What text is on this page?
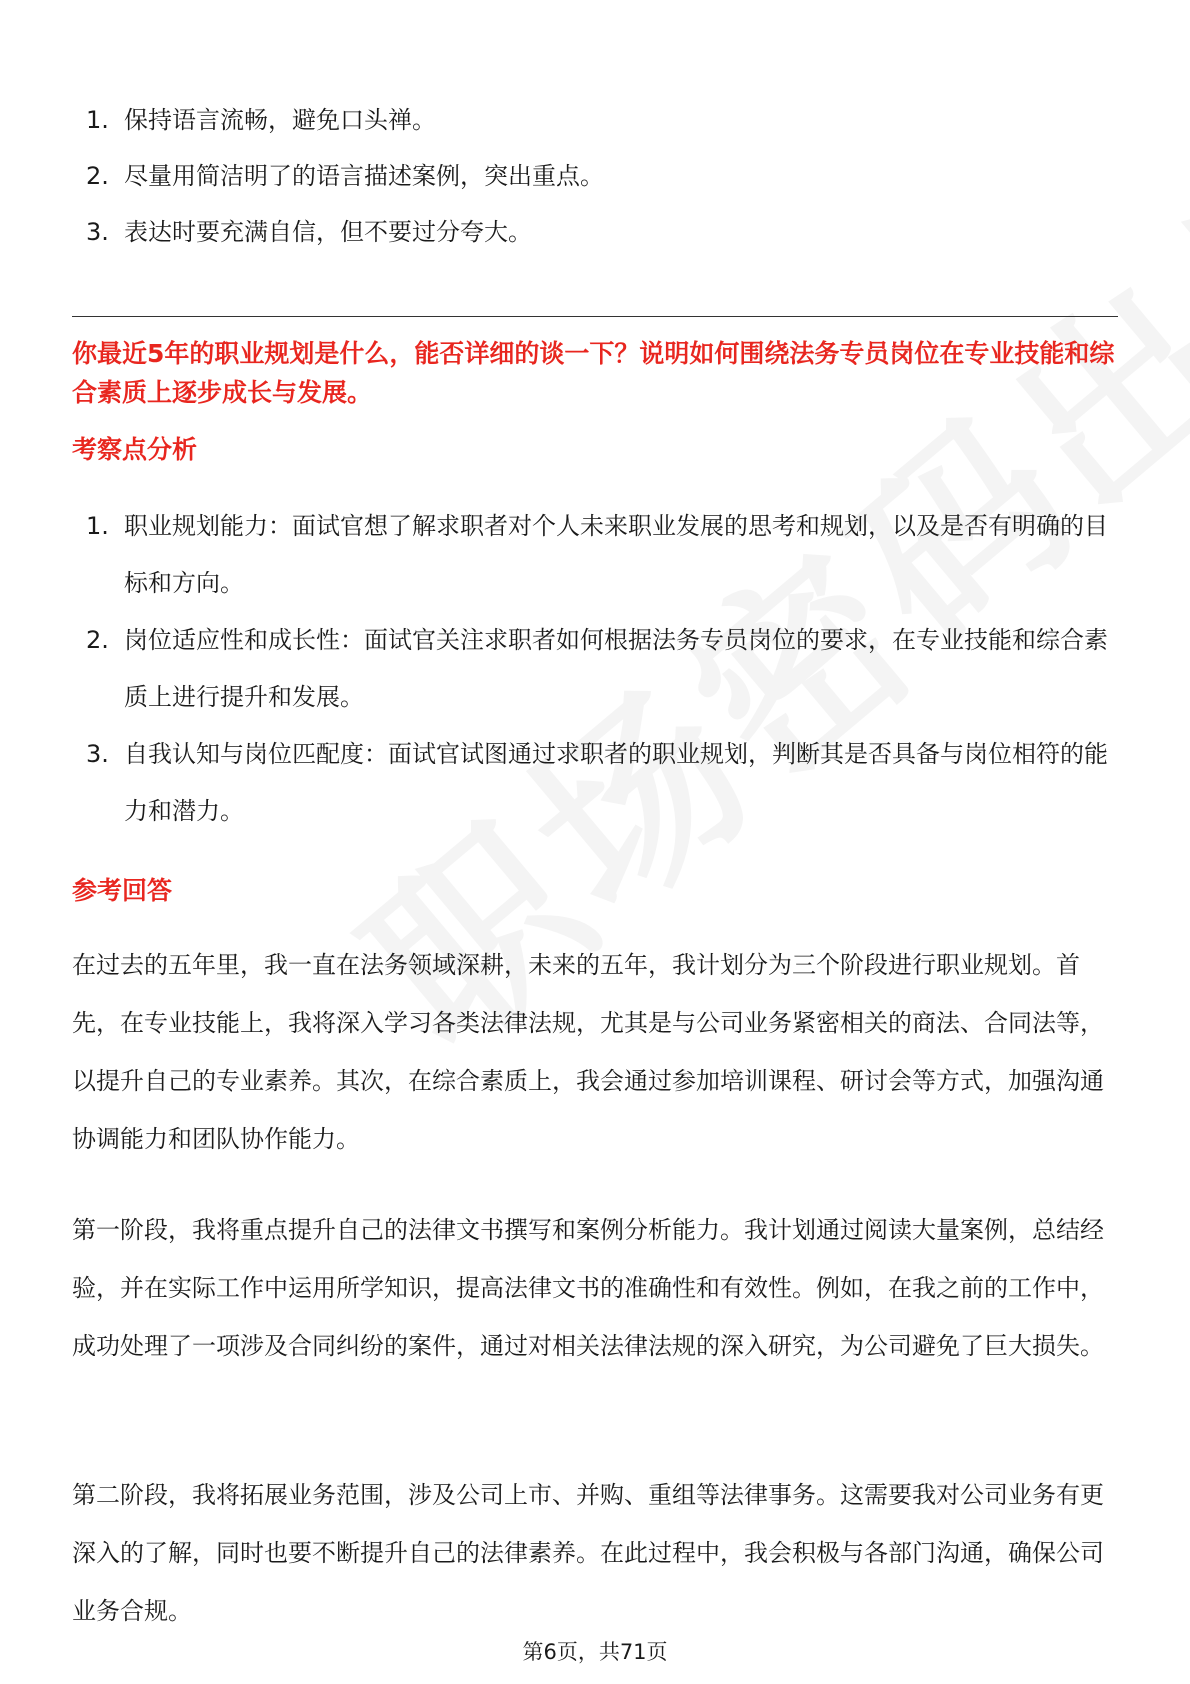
1. 保持语言流畅，避免口头禅。
2. 尽量用简洁明了的语言描述案例，突出重点。
3. 表达时要充满自信，但不要过分夸大。
你最近5年的职业规划是什么，能否详细的谈一下？说明如何围绕法务专员岗位在专业技能和综合素质上逐步成长与发展。
考察点分析
1. 职业规划能力：面试官想了解求职者对个人未来职业发展的思考和规划，以及是否有明确的目标和方向。
2. 岗位适应性和成长性：面试官关注求职者如何根据法务专员岗位的要求，在专业技能和综合素质上进行提升和发展。
3. 自我认知与岗位匹配度：面试官试图通过求职者的职业规划，判断其是否具备与岗位相符的能力和潜力。
参考回答

在过去的五年里，我一直在法务领域深耕，未来的五年，我计划分为三个阶段进行职业规划。首先，在专业技能上，我将深入学习各类法律法规，尤其是与公司业务紧密相关的商法、合同法等，以提升自己的专业素养。其次，在综合素质上，我会通过参加培训课程、研讨会等方式，加强沟通协调能力和团队协作能力。

第一阶段，我将重点提升自己的法律文书撰写和案例分析能力。我计划通过阅读大量案例，总结经验，并在实际工作中运用所学知识，提高法律文书的准确性和有效性。例如，在我之前的工作中，成功处理了一项涉及合同纠纷的案件，通过对相关法律法规的深入研究，为公司避免了巨大损失。

第二阶段，我将拓展业务范围，涉及公司上市、并购、重组等法律事务。这需要我对公司业务有更深入的了解，同时也要不断提升自己的法律素养。在此过程中，我会积极与各部门沟通，确保公司业务合规。

第6页，共71页
